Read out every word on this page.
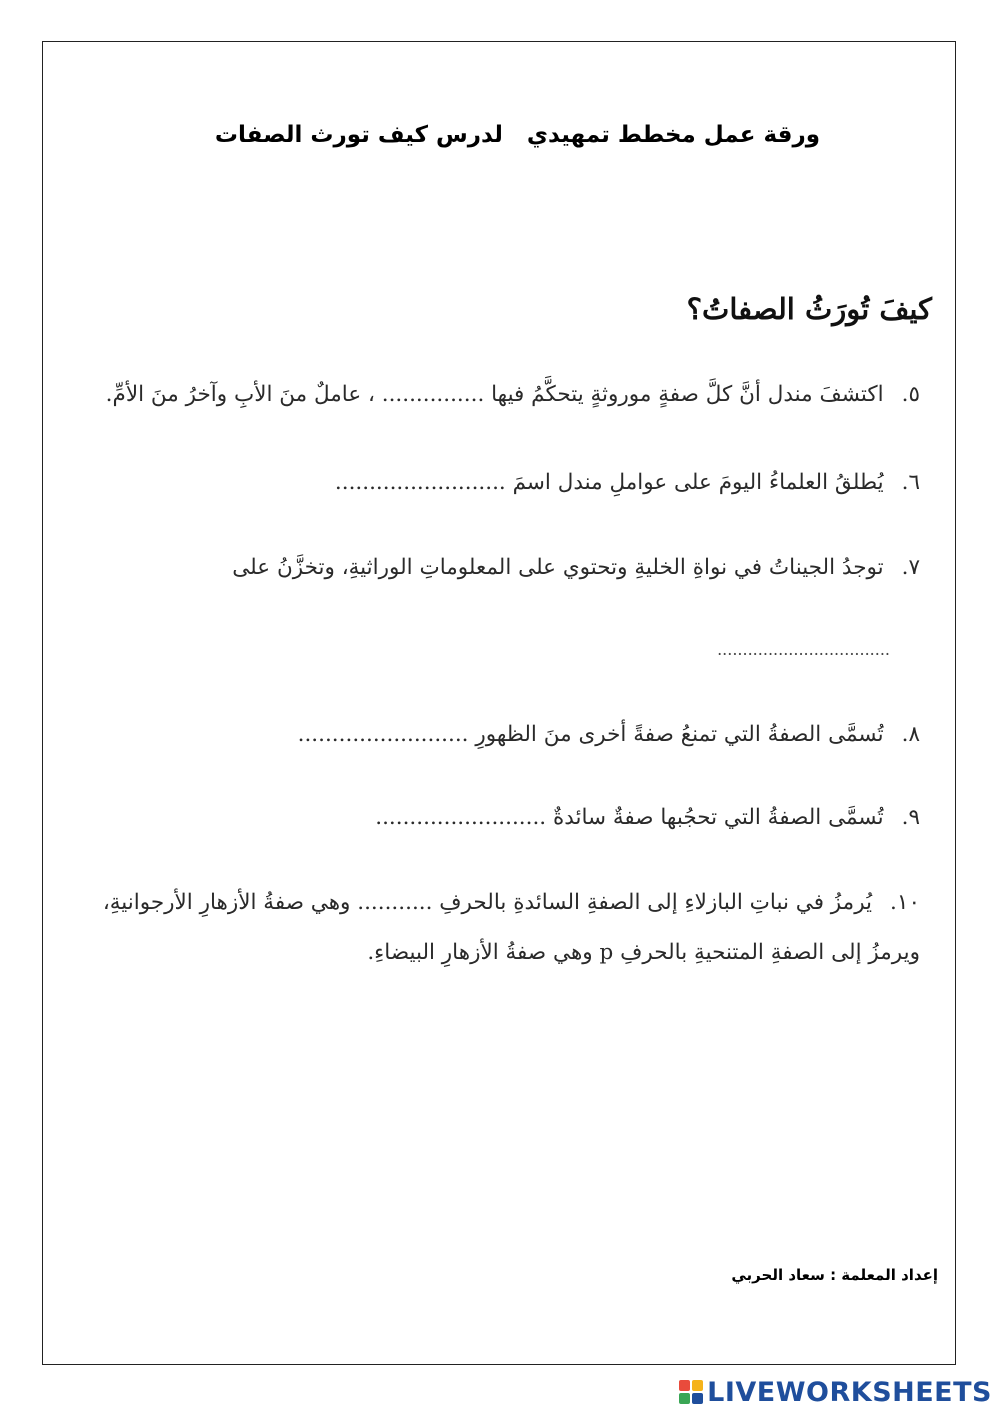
ورقة عمل مخطط تمهيدي   لدرس كيف تورث الصفات
كيفَ تُورَثُ الصفاتُ؟
٥.اكتشفَ مندل أنَّ كلَّ صفةٍ موروثةٍ يتحكَّمُ فيها ............... ، عاملٌ منَ الأبِ وآخرُ منَ الأمِّ.
٦.يُطلقُ العلماءُ اليومَ على عواملِ مندل اسمَ .........................
٧.توجدُ الجيناتُ في نواةِ الخليةِ وتحتوي على المعلوماتِ الوراثيةِ، وتخزَّنُ على
..................................
٨.تُسمَّى الصفةُ التي تمنعُ صفةً أخرى منَ الظهورِ .........................
٩.تُسمَّى الصفةُ التي تحجُبها صفةٌ سائدةٌ .........................
١٠.يُرمزُ في نباتِ البازلاءِ إلى الصفةِ السائدةِ بالحرفِ ........... وهي صفةُ الأزهارِ الأرجوانيةِ، ويرمزُ إلى الصفةِ المتنحيةِ بالحرفِ p وهي صفةُ الأزهارِ البيضاءِ.
إعداد المعلمة : سعاد الحربي
LIVEWORKSHEETS
